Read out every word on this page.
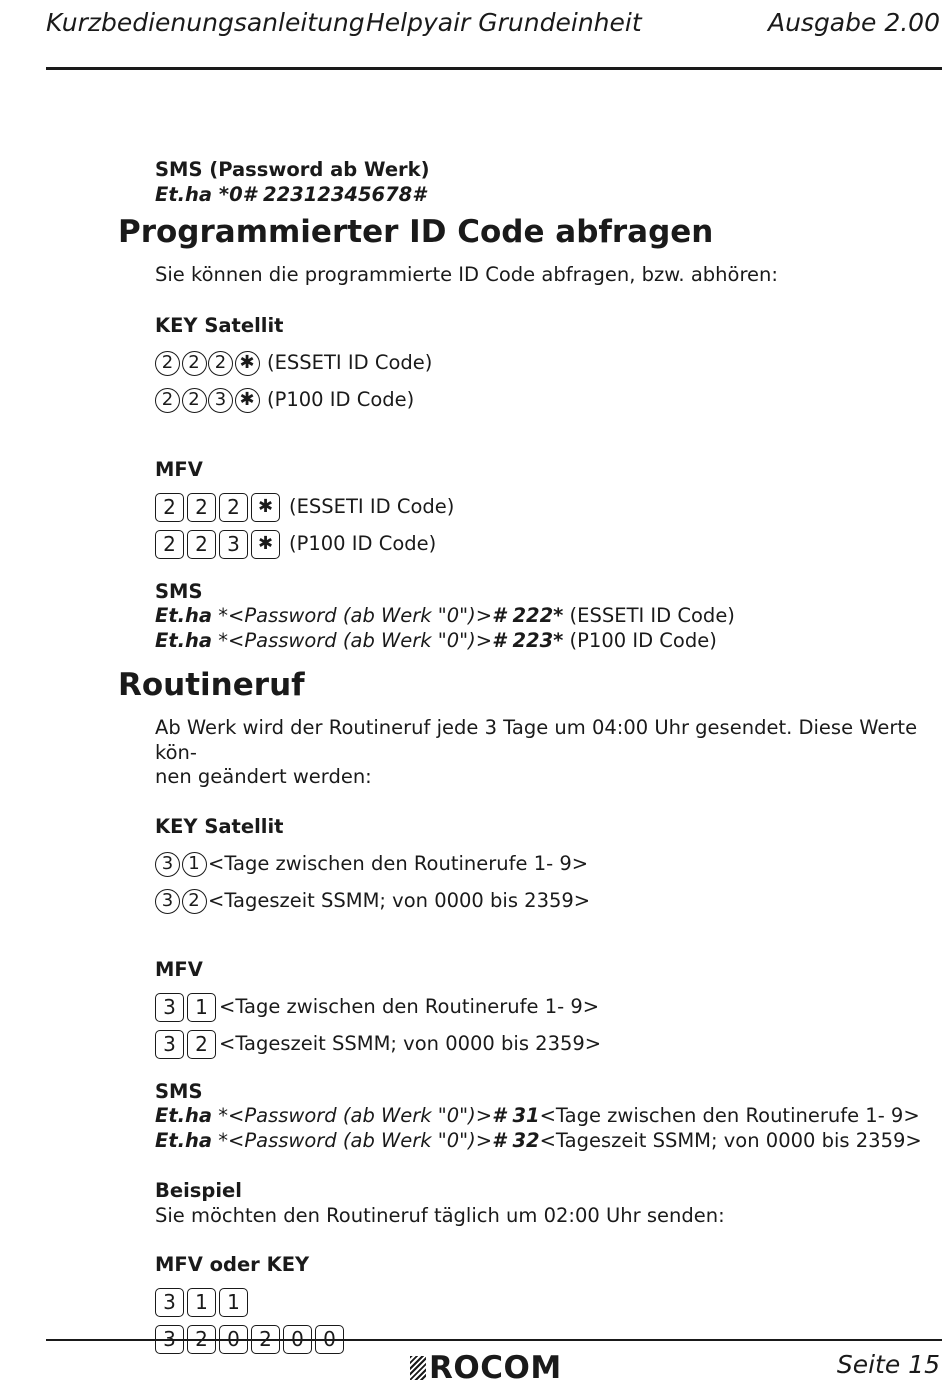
Kurzbedienungsanleitung Helpyair Grundeinheit	Ausgabe 2.00

SMS (Password ab Werk)

Et.ha *0# 22312345678#

Programmierter ID Code abfragen

Sie können die programmierte ID Code abfragen, bzw. abhören:

KEY Satellit

2 2 2 ✱ (ESSETI ID Code)
2 2 3 ✱ (P100 ID Code)

MFV

2 2 2 ✱ (ESSETI ID Code)
2 2 3 ✱ (P100 ID Code)

SMS

Et.ha *<Password (ab Werk "0")># 222* (ESSETI ID Code)

Et.ha *<Password (ab Werk "0")># 223* (P100 ID Code)

Routineruf

Ab Werk wird der Routineruf jede 3 Tage um 04:00 Uhr gesendet. Diese Werte kön-
nen geändert werden:

KEY Satellit

3 1 <Tage zwischen den Routinerufe 1- 9>
3 2 <Tageszeit SSMM; von 0000 bis 2359>

MFV

3 1 <Tage zwischen den Routinerufe 1- 9>
3 2 <Tageszeit SSMM; von 0000 bis 2359>

SMS

Et.ha *<Password (ab Werk "0")># 31<Tage zwischen den Routinerufe 1- 9>

Et.ha *<Password (ab Werk "0")># 32<Tageszeit SSMM; von 0000 bis 2359>

Beispiel

Sie möchten den Routineruf täglich um 02:00 Uhr senden:

MFV oder KEY

3 1 1
ROCOM	Seite 15
